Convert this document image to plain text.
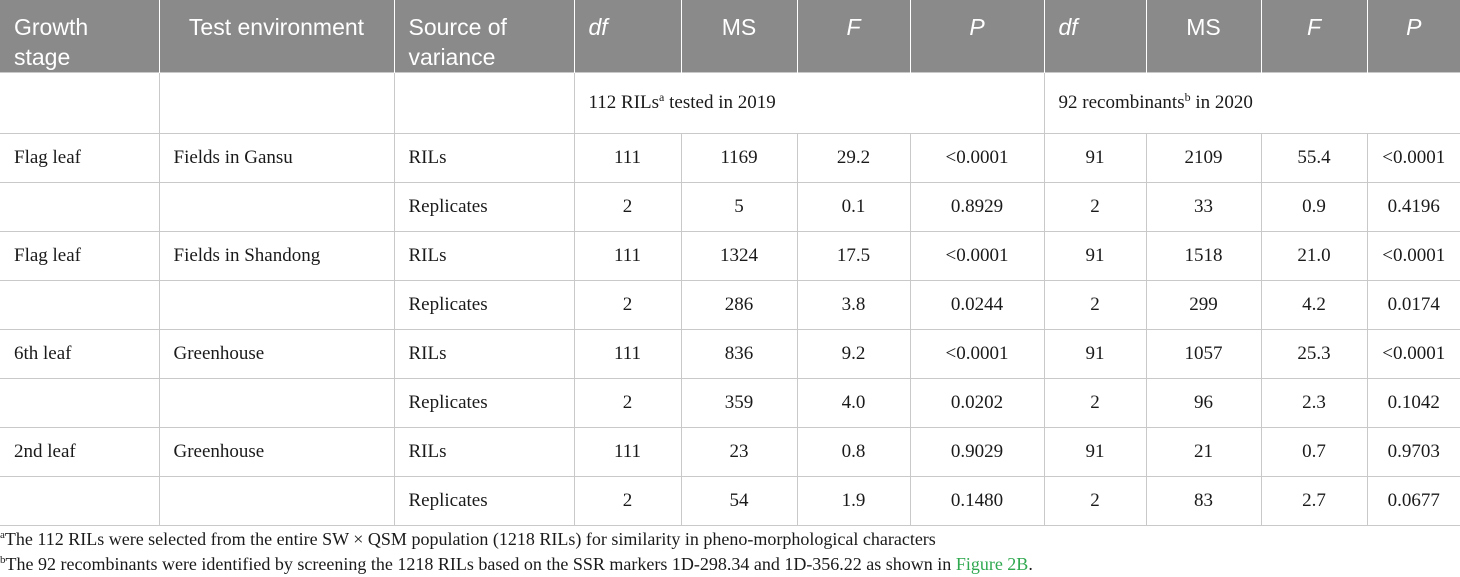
Growth stage	Test environment	Source of variance	df	MS	F	P	df	MS	F	P
			112 RILs$^a$ tested in 2019				92 recombinants$^b$ in 2020			
Flag leaf	Fields in Gansu	RILs	111	1169	29.2	<0.0001	91	2109	55.4	<0.0001
		Replicates	2	5	0.1	0.8929	2	33	0.9	0.4196
Flag leaf	Fields in Shandong	RILs	111	1324	17.5	<0.0001	91	1518	21.0	<0.0001
		Replicates	2	286	3.8	0.0244	2	299	4.2	0.0174
6th leaf	Greenhouse	RILs	111	836	9.2	<0.0001	91	1057	25.3	<0.0001
		Replicates	2	359	4.0	0.0202	2	96	2.3	0.1042
2nd leaf	Greenhouse	RILs	111	23	0.8	0.9029	91	21	0.7	0.9703
		Replicates	2	54	1.9	0.1480	2	83	2.7	0.0677
$^a$The 112 RILs were selected from the entire SW × QSM population (1218 RILs) for similarity in pheno-morphological characters
$^b$The 92 recombinants were identified by screening the 1218 RILs based on the SSR markers 1D-298.34 and 1D-356.22 as shown in Figure 2B.
